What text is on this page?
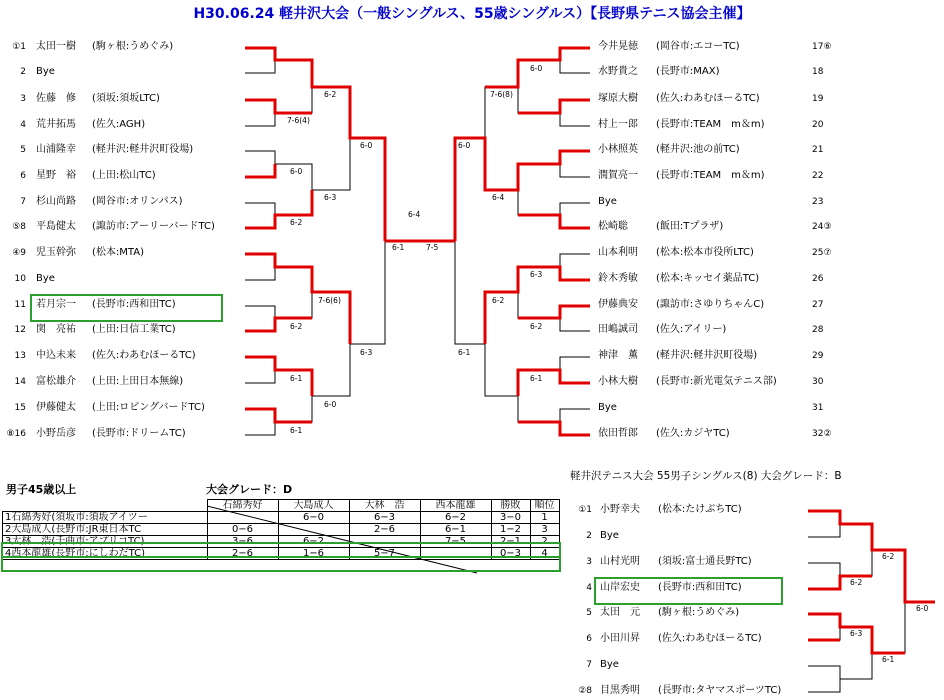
H30.06.24 軽井沢大会（一般シングルス、55歳シングルス）【長野県テニス協会主催】
①1 太田一樹 (駒ヶ根:うめぐみ)
2 Bye
3 佐藤　修 (須坂:須坂LTC)
4 荒井拓馬 (佐久:AGH)
5 山浦隆幸 (軽井沢:軽井沢町役場)
6 星野　裕 (上田:松山TC)
7 杉山尚路 (岡谷市:オリンパス)
⑤8 平島健太 (諏訪市:アーリーバードTC)
④9 児玉幹弥 (松本:MTA)
10 Bye
11 若月宗一 (長野市:西和田TC)
12 関　亮祐 (上田:日信工業TC)
13 中込未来 (佐久:わあむほーるTC)
14 富松雄介 (上田:上田日本無線)
15 伊藤健太 (上田:ロビングバードTC)
⑧16 小野岳彦 (長野市:ドリームTC)
今井晃徳 (岡谷市:エコーTC)	17⑥
水野貴之 (長野市:MAX)	18
塚原大樹 (佐久:わあむほーるTC)	19
村上一郎 (長野市:TEAM　m＆m)	20
小林照英 (軽井沢:池の前TC)	21
潤賀亮一 (長野市:TEAM　m＆m)	22
Bye	23
松崎聡	(飯田:Tプラザ)	24③
山本利明 (松本:松本市役所LTC)	25⑦
鈴木秀敏 (松本:キッセイ薬品TC)	26
伊藤典安 (諏訪市:さゆりちゃんC)	27
田嶋誠司 (佐久:アイリー)	28
神津　薫 (軽井沢:軽井沢町役場)	29
小林大樹 (長野市:新光電気テニス部)	30
Bye	31
依田哲郎 (佐久:カジヤTC)	32②
6-2
7-6(4)
6-0
6-0
6-3
6-2
7-6(6)
6-2
6-3
6-1
6-0
6-1
6-0
7-6(8)
6-0
6-4
6-3
6-2
6-2
6-1
6-1
6-1
6-4
7-5
男子45歳以上	大会グレード：D
	石綿秀好	大島成人	大林　浩	西本龍雄	勝敗	順位
1石綿秀好(須坂市:須坂アイツー		6−0	6−3	6−2	3−0	1
2大島成人(長野市:JR東日本TC	0−6		2−6	6−1	1−2	3
3大林　浩(千曲市:アプリコTC)	3−6	6−2		7−5	2−1	2
4西本龍雄(長野市:にしわだTC)	2−6	1−6	5−7		0−3	4
軽井沢テニス大会 55男子シングルス(8) 大会グレード：B
①1 小野幸夫 (松本:たけぶちTC)
2 Bye
3 山村光明 (須坂:富士通長野TC)
4 山岸宏史 (長野市:西和田TC)
5 太田　元 (駒ヶ根:うめぐみ)
6 小田川昇 (佐久:わあむほーるTC)
7 Bye
②8 目黒秀明 (長野市:タヤマスポーツTC)
6-2
6-2
6-3
6-1
6-0
